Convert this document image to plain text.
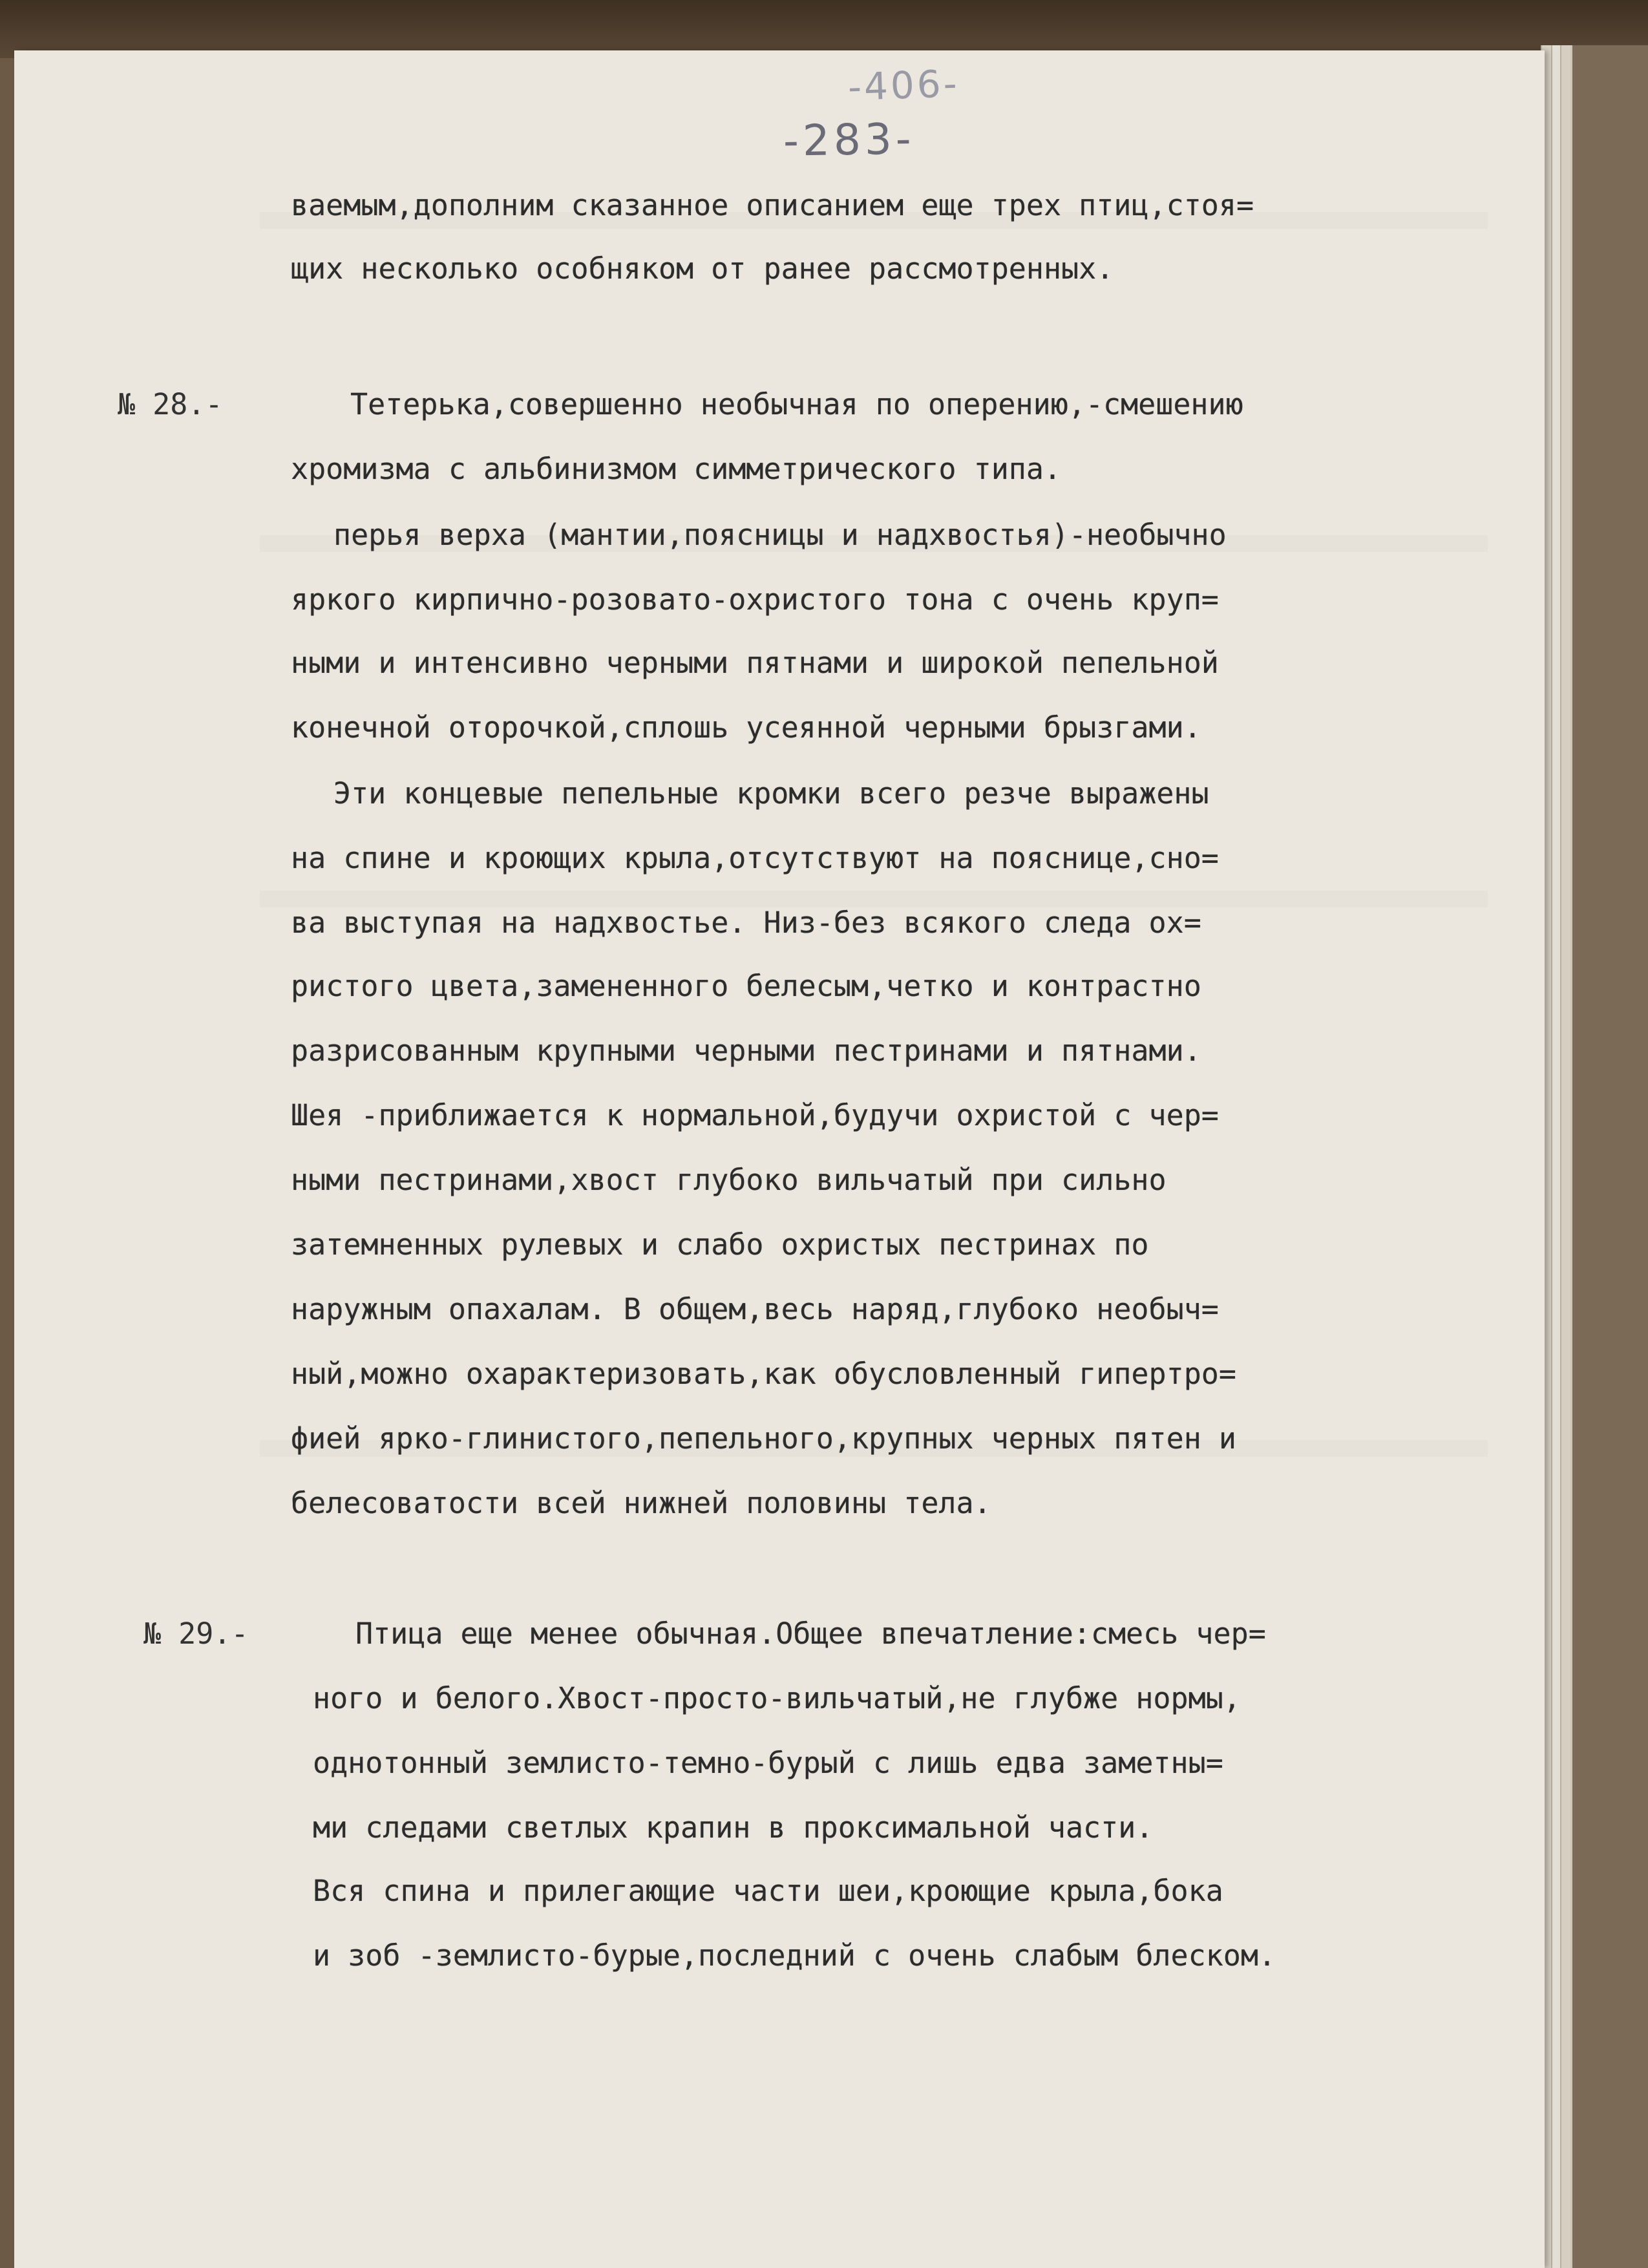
-406-
-283-
ваемым,дополним сказанное описанием еще трех птиц,стоя=
щих несколько особняком от ранее рассмотренных.
№ 28.-	Тетерька,совершенно необычная по оперению,-смешению
хромизма с альбинизмом симметрического типа.
перья верха (мантии,поясницы и надхвостья)-необычно
яркого кирпично-розовато-охристого тона с очень круп=
ными и интенсивно черными пятнами и широкой пепельной
конечной оторочкой,сплошь усеянной черными брызгами.
Эти концевые пепельные кромки всего резче выражены
на спине и кроющих крыла,отсутствуют на пояснице,сно=
ва выступая на надхвостье. Низ-без всякого следа ох=
ристого цвета,замененного белесым,четко и контрастно
разрисованным крупными черными пестринами и пятнами.
Шея -приближается к нормальной,будучи охристой с чер=
ными пестринами,хвост глубоко вильчатый при сильно
затемненных рулевых и слабо охристых пестринах по
наружным опахалам. В общем,весь наряд,глубоко необыч=
ный,можно охарактеризовать,как обусловленный гипертро=
фией ярко-глинистого,пепельного,крупных черных пятен и
белесоватости всей нижней половины тела.
№ 29.-	Птица еще менее обычная.Общее впечатление:смесь чер=
ного и белого.Хвост-просто-вильчатый,не глубже нормы,
однотонный землисто-темно-бурый с лишь едва заметны=
ми следами светлых крапин в проксимальной части.
Вся спина и прилегающие части шеи,кроющие крыла,бока
и зоб -землисто-бурые,последний с очень слабым блеском.
